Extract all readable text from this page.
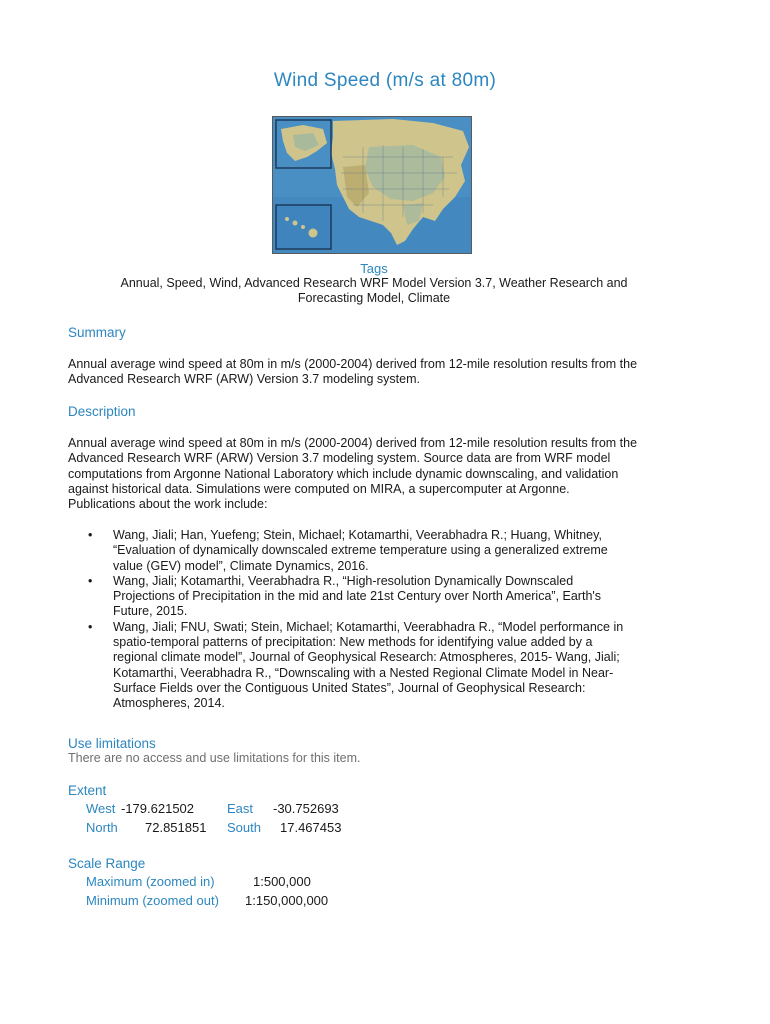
Wind Speed (m/s at 80m)
Tags
Annual, Speed, Wind, Advanced Research WRF Model Version 3.7, Weather Research and Forecasting Model, Climate
Summary
Annual average wind speed at 80m in m/s (2000-2004) derived from 12-mile resolution results from the Advanced Research WRF (ARW) Version 3.7 modeling system.
Description
Annual average wind speed at 80m in m/s (2000-2004) derived from 12-mile resolution results from the Advanced Research WRF (ARW) Version 3.7 modeling system. Source data are from WRF model computations from Argonne National Laboratory which include dynamic downscaling, and validation against historical data. Simulations were computed on MIRA, a supercomputer at Argonne. Publications about the work include:
• Wang, Jiali; Han, Yuefeng; Stein, Michael; Kotamarthi, Veerabhadra R.; Huang, Whitney, “Evaluation of dynamically downscaled extreme temperature using a generalized extreme value (GEV) model”, Climate Dynamics, 2016.
• Wang, Jiali; Kotamarthi, Veerabhadra R., “High-resolution Dynamically Downscaled Projections of Precipitation in the mid and late 21st Century over North America”, Earth's Future, 2015.
• Wang, Jiali; FNU, Swati; Stein, Michael; Kotamarthi, Veerabhadra R., “Model performance in spatio-temporal patterns of precipitation: New methods for identifying value added by a regional climate model”, Journal of Geophysical Research: Atmospheres, 2015- Wang, Jiali; Kotamarthi, Veerabhadra R., “Downscaling with a Nested Regional Climate Model in Near-Surface Fields over the Contiguous United States”, Journal of Geophysical Research: Atmospheres, 2014.
Use limitations
There are no access and use limitations for this item.
Extent
West -179.621502	East -30.752693
North 72.851851 South 17.467453
Scale Range
Maximum (zoomed in)	1:500,000
Minimum (zoomed out) 1:150,000,000
